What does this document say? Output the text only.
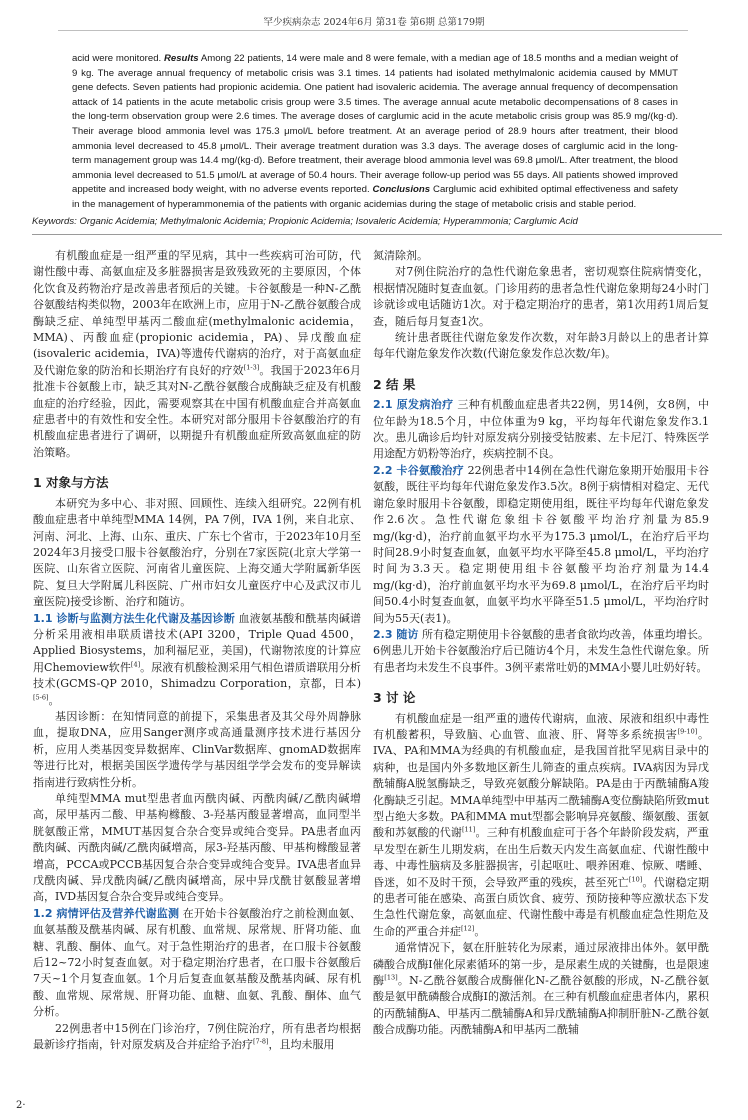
罕少疾病杂志 2024年6月 第31卷 第6期 总第179期
acid were monitored. Results Among 22 patients, 14 were male and 8 were female, with a median age of 18.5 months and a median weight of 9 kg. The average annual frequency of metabolic crisis was 3.1 times. 14 patients had isolated methylmalonic acidemia caused by MMUT gene defects. Seven patients had propionic acidemia. One patient had isovaleric acidemia. The average annual frequency of decompensation attack of 14 patients in the acute metabolic crisis group were 3.5 times. The average annual acute metabolic decompensations of 8 cases in the long-term observation group were 2.6 times. The average doses of carglumic acid in the acute metabolic crisis group was 85.9 mg/(kg·d). Their average blood ammonia level was 175.3 μmol/L before treatment. At an average period of 28.9 hours after treatment, their blood ammonia level decreased to 45.8 μmol/L. Their average treatment duration was 3.3 days. The average doses of carglumic acid in the long-term management group was 14.4 mg/(kg·d). Before treatment, their average blood ammonia level was 69.8 μmol/L. After treatment, the blood ammonia level decreased to 51.5 μmol/L at average of 50.4 hours. Their average follow-up period was 55 days. All patients showed improved appetite and increased body weight, with no adverse events reported. Conclusions Carglumic acid exhibited optimal effectiveness and safety in the management of hyperammonemia of the patients with organic acidemias during the stage of metabolic crisis and stable period.
Keywords: Organic Acidemia; Methylmalonic Acidemia; Propionic Acidemia; Isovaleric Acidemia; Hyperammonia; Carglumic Acid

有机酸血症是一组严重的罕见病，其中一些疾病可治可防，代谢性酸中毒、高氨血症及多脏器损害是致残致死的主要原因，个体化饮食及药物治疗是改善患者预后的关键。卡谷氨酸是一种N-乙酰谷氨酸结构类似物，2003年在欧洲上市，应用于N-乙酰谷氨酸合成酶缺乏症、单纯型甲基丙二酸血症(methylmalonic acidemia，MMA)、丙酸血症(propionic acidemia，PA)、异戊酸血症(isovaleric acidemia，IVA)等遗传代谢病的治疗，对于高氨血症及代谢危象的防治和长期治疗有良好的疗效[1-3]。我国于2023年6月批准卡谷氨酸上市，缺乏其对N-乙酰谷氨酸合成酶缺乏症及有机酸血症的治疗经验，因此，需要观察其在中国有机酸血症合并高氨血症患者中的有效性和安全性。本研究对部分服用卡谷氨酸治疗的有机酸血症患者进行了调研，以期提升有机酸血症所致高氨血症的防治策略。

1 对象与方法

本研究为多中心、非对照、回顾性、连续入组研究。22例有机酸血症患者中单纯型MMA 14例，PA 7例，IVA 1例，来自北京、河南、河北、上海、山东、重庆、广东七个省市，于2023年10月至2024年3月接受口服卡谷氨酸治疗，分别在7家医院(北京大学第一医院、山东省立医院、河南省儿童医院、上海交通大学附属新华医院、复旦大学附属儿科医院、广州市妇女儿童医疗中心及武汉市儿童医院)接受诊断、治疗和随访。

1.1 诊断与监测方法生化代谢及基因诊断 血液氨基酸和酰基肉碱谱分析采用液相串联质谱技术(API 3200，Triple Quad 4500，Applied Biosystems，加利福尼亚，美国)，代谢物浓度的计算应用Chemoview软件[4]。尿液有机酸检测采用气相色谱质谱联用分析技术(GCMS-QP 2010，Shimadzu Corporation，京都，日本)[5-6]。

基因诊断：在知情同意的前提下，采集患者及其父母外周静脉血，提取DNA，应用Sanger测序或高通量测序技术进行基因分析，应用人类基因变异数据库、ClinVar数据库、gnomAD数据库等进行比对，根据美国医学遗传学与基因组学学会发布的变异解读指南进行致病性分析。

单纯型MMA mut型患者血丙酰肉碱、丙酰肉碱/乙酰肉碱增高，尿甲基丙二酸、甲基枸橼酸、3-羟基丙酸显著增高，血同型半胱氨酸正常，MMUT基因复合杂合变异或纯合变异。PA患者血丙酰肉碱、丙酰肉碱/乙酰肉碱增高，尿3-羟基丙酸、甲基枸橼酸显著增高，PCCA或PCCB基因复合杂合变异或纯合变异。IVA患者血异戊酰肉碱、异戊酰肉碱/乙酰肉碱增高，尿中异戊酰甘氨酸显著增高，IVD基因复合杂合变异或纯合变异。

1.2 病情评估及营养代谢监测 在开始卡谷氨酸治疗之前检测血氨、血氨基酸及酰基肉碱、尿有机酸、血常规、尿常规、肝肾功能、血糖、乳酸、酮体、血气。对于急性期治疗的患者，在口服卡谷氨酸后12~72小时复查血氨。对于稳定期治疗患者，在口服卡谷氨酸后7天~1个月复查血氨。1个月后复查血氨基酸及酰基肉碱、尿有机酸、血常规、尿常规、肝肾功能、血糖、血氨、乳酸、酮体、血气分析。

22例患者中15例在门诊治疗，7例住院治疗，所有患者均根据最新诊疗指南，针对原发病及合并症给予治疗[7-8]，且均未服用

氮清除剂。

对7例住院治疗的急性代谢危象患者，密切观察住院病情变化，根据情况随时复查血氨。门诊用药的患者急性代谢危象期每24小时门诊就诊或电话随访1次。对于稳定期治疗的患者，第1次用药1周后复查，随后每月复查1次。

统计患者既往代谢危象发作次数，对年龄3月龄以上的患者计算每年代谢危象发作次数(代谢危象发作总次数/年)。

2 结 果

2.1 原发病治疗 三种有机酸血症患者共22例，男14例，女8例，中位年龄为18.5个月，中位体重为9 kg，平均每年代谢危象发作3.1次。患儿确诊后均针对原发病分别接受钴胺素、左卡尼汀、特殊医学用途配方奶粉等治疗，疾病控制不良。

2.2 卡谷氨酸治疗 22例患者中14例在急性代谢危象期开始服用卡谷氨酸，既往平均每年代谢危象发作3.5次。8例于病情相对稳定、无代谢危象时服用卡谷氨酸，即稳定期使用组，既往平均每年代谢危象发作2.6次。急性代谢危象组卡谷氨酸平均治疗剂量为85.9 mg/(kg·d)，治疗前血氨平均水平为175.3 μmol/L，在治疗后平均时间28.9小时复查血氨，血氨平均水平降至45.8 μmol/L，平均治疗时间为3.3天。稳定期使用组卡谷氨酸平均治疗剂量为14.4 mg/(kg·d)，治疗前血氨平均水平为69.8 μmol/L，在治疗后平均时间50.4小时复查血氨，血氨平均水平降至51.5 μmol/L，平均治疗时间为55天(表1)。

2.3 随访 所有稳定期使用卡谷氨酸的患者食欲均改善，体重均增长。6例患儿开始卡谷氨酸治疗后已随访4个月，未发生急性代谢危象。所有患者均未发生不良事件。3例平素常吐奶的MMA小婴儿吐奶好转。

3 讨 论

有机酸血症是一组严重的遗传代谢病，血液、尿液和组织中毒性有机酸蓄积，导致脑、心血管、血液、肝、肾等多系统损害[9-10]。IVA、PA和MMA为经典的有机酸血症，是我国首批罕见病目录中的病种，也是国内外多数地区新生儿筛查的重点疾病。IVA病因为异戊酰辅酶A脱氢酶缺乏，导致亮氨酸分解缺陷。PA是由于丙酰辅酶A羧化酶缺乏引起。MMA单纯型中甲基丙二酰辅酶A变位酶缺陷所致mut型占绝大多数。PA和MMA mut型都会影响异亮氨酸、缬氨酸、蛋氨酸和苏氨酸的代谢[11]。三种有机酸血症可于各个年龄阶段发病，严重早发型在新生儿期发病，在出生后数天内发生高氨血症、代谢性酸中毒、中毒性脑病及多脏器损害，引起呕吐、喂养困难、惊厥、嗜睡、昏迷，如不及时干预，会导致严重的残疾，甚至死亡[10]。代谢稳定期的患者可能在感染、高蛋白质饮食、疲劳、预防接种等应激状态下发生急性代谢危象，高氨血症、代谢性酸中毒是有机酸血症急性期危及生命的严重合并症[12]。

通常情况下，氨在肝脏转化为尿素，通过尿液排出体外。氨甲酰磷酸合成酶I催化尿素循环的第一步，是尿素生成的关键酶，也是限速酶[13]。N-乙酰谷氨酸合成酶催化N-乙酰谷氨酸的形成，N-乙酰谷氨酸是氨甲酰磷酸合成酶I的激活剂。在三种有机酸血症患者体内，累积的丙酰辅酶A、甲基丙二酰辅酶A和异戊酰辅酶A抑制肝脏N-乙酰谷氨酸合成酶功能。丙酰辅酶A和甲基丙二酰辅

2·
